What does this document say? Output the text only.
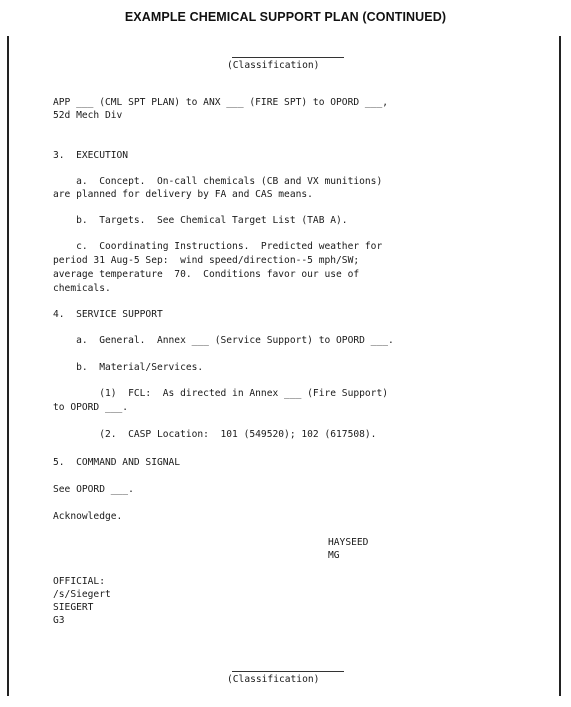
EXAMPLE CHEMICAL SUPPORT PLAN (CONTINUED)
(Classification)
APP ___ (CML SPT PLAN) to ANX ___ (FIRE SPT) to OPORD ___,
52d Mech Div
3.  EXECUTION
a.  Concept.  On-call chemicals (CB and VX munitions)
are planned for delivery by FA and CAS means.
b.  Targets.  See Chemical Target List (TAB A).
c.  Coordinating Instructions.  Predicted weather for
period 31 Aug-5 Sep:  wind speed/direction--5 mph/SW;
average temperature  70.  Conditions favor our use of
chemicals.
4.  SERVICE SUPPORT
a.  General.  Annex ___ (Service Support) to OPORD ___.
b.  Material/Services.
(1)  FCL:  As directed in Annex ___ (Fire Support)
to OPORD ___.
(2.  CASP Location:  101 (549520); 102 (617508).
5.  COMMAND AND SIGNAL
See OPORD ___.
Acknowledge.
HAYSEED
MG
OFFICIAL:
/s/Siegert
SIEGERT
G3
(Classification)
